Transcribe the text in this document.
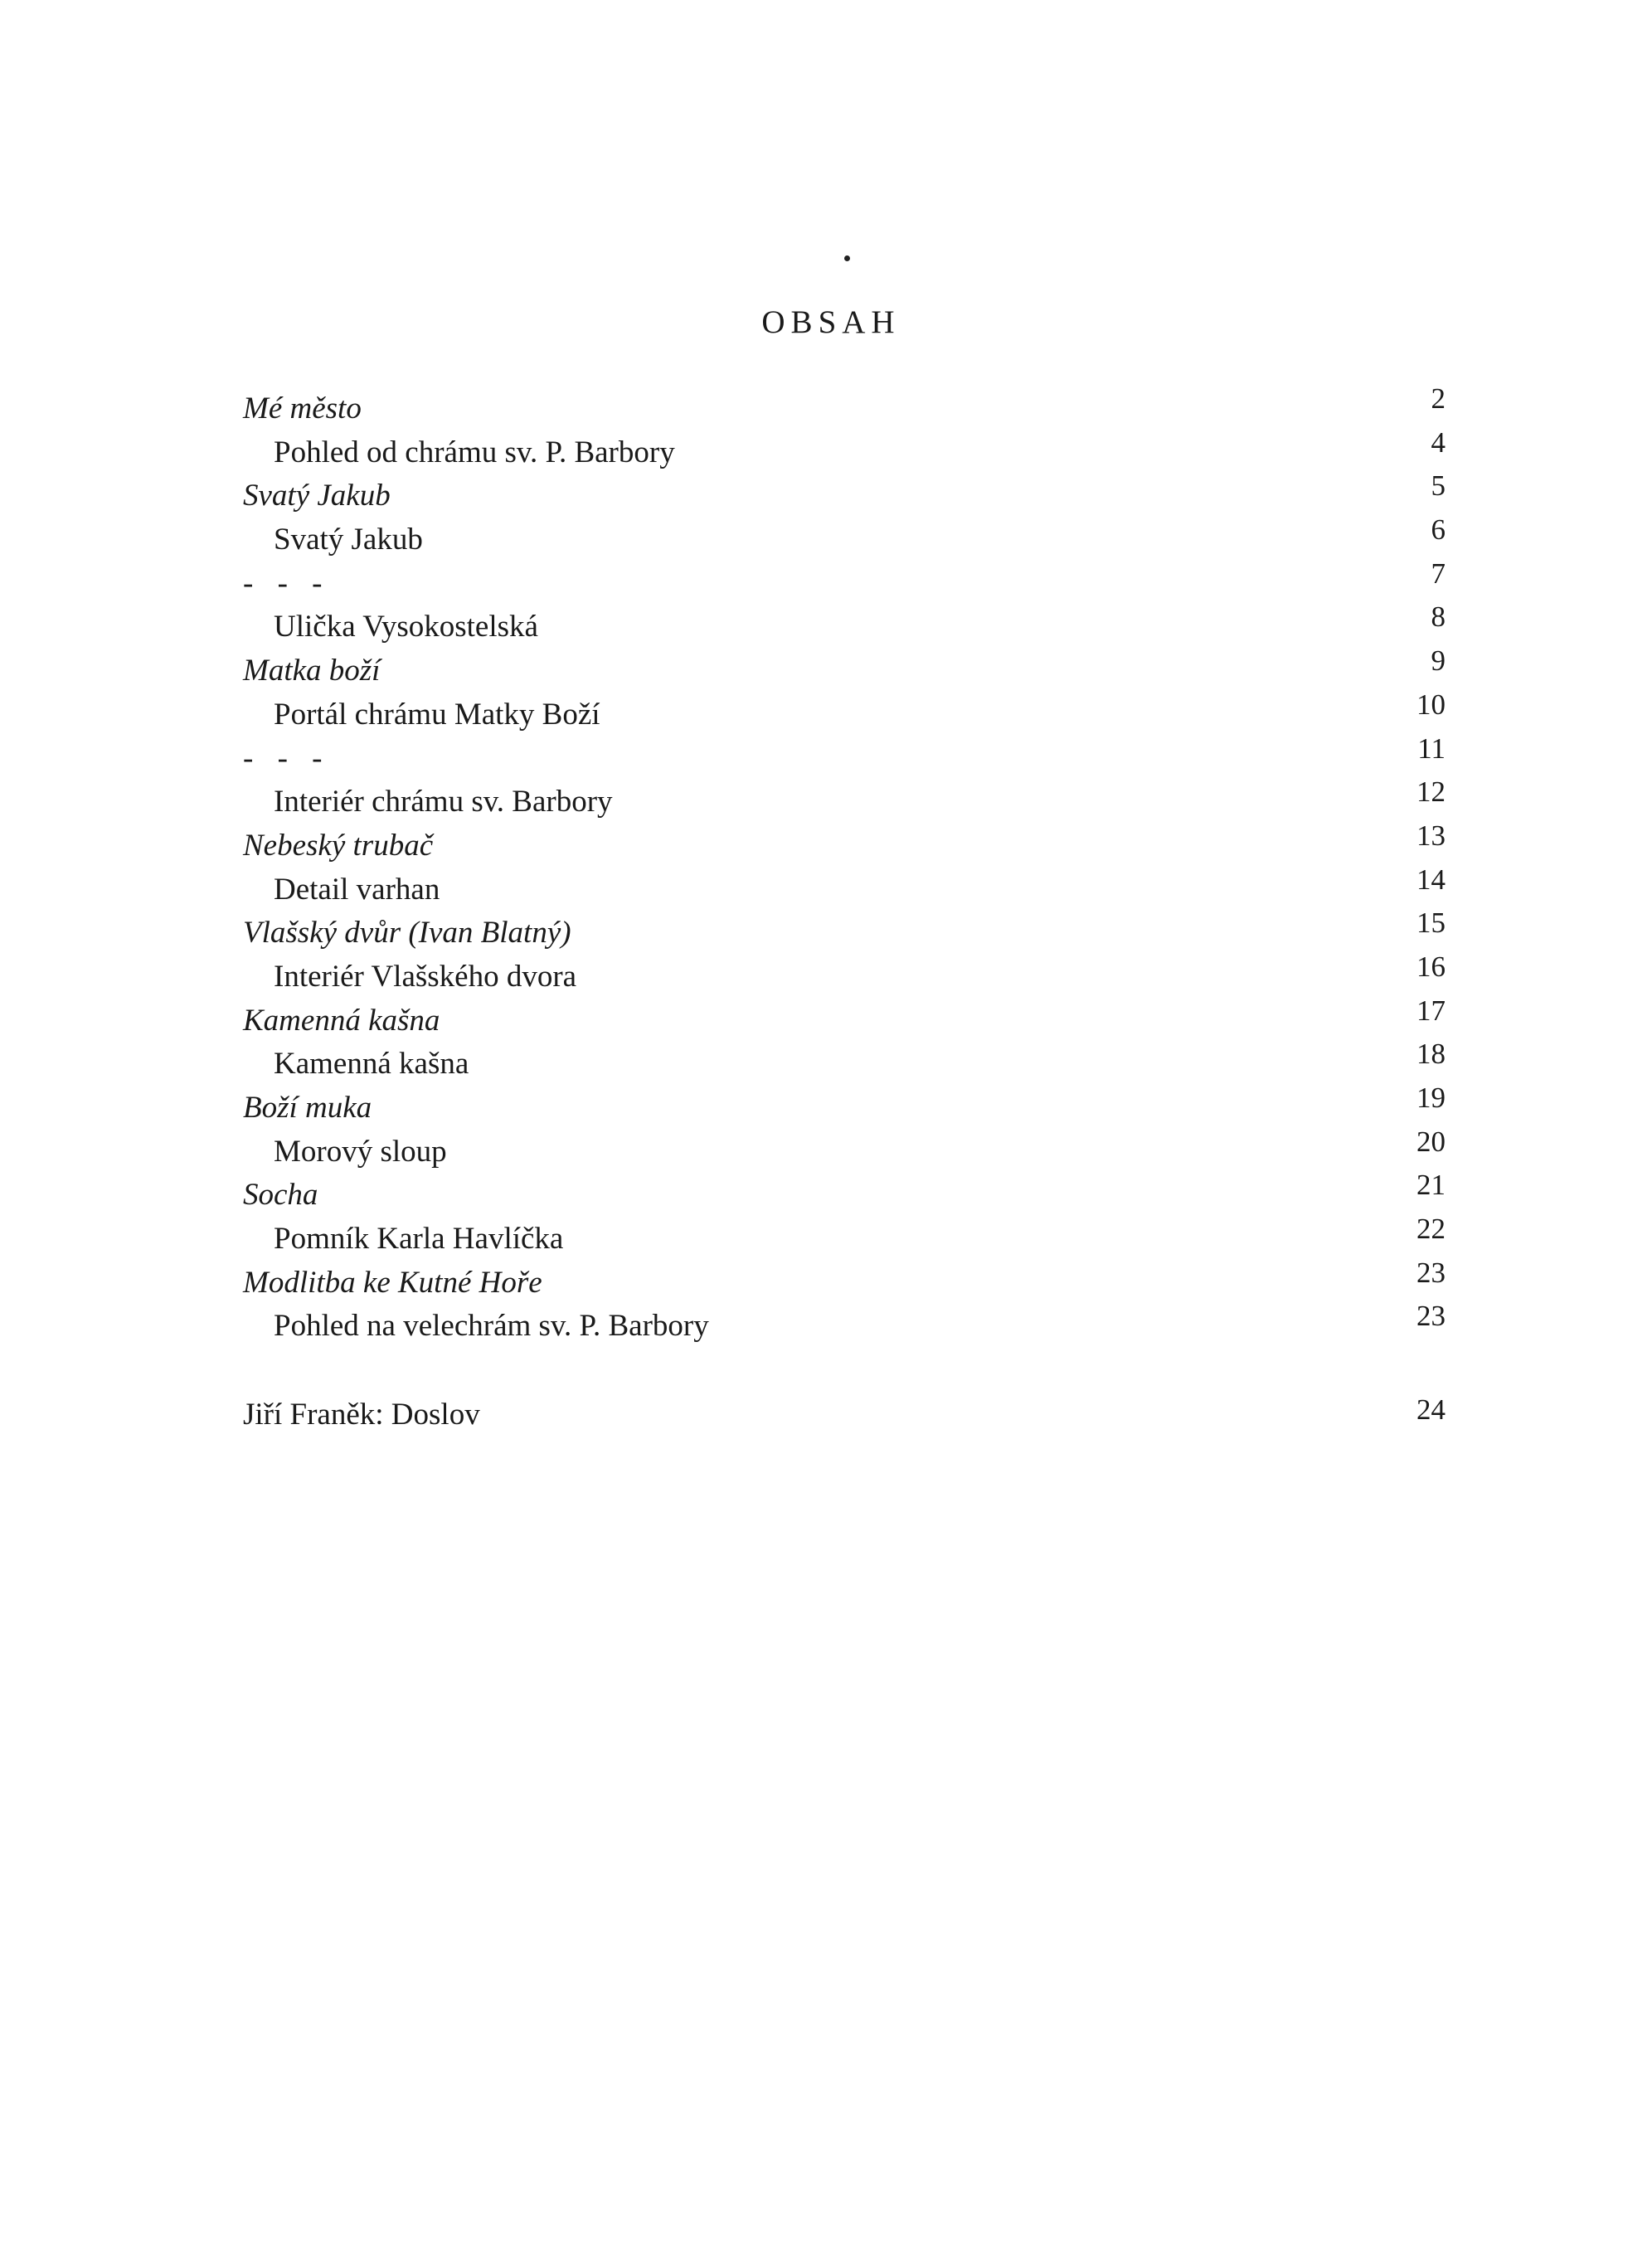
OBSAH
Mé město	2
Pohled od chrámu sv. P. Barbory	4
Svatý Jakub	5
Svatý Jakub	6
- - -	7
Ulička Vysokostelská	8
Matka boží	9
Portál chrámu Matky Boží	10
- - -	11
Interiér chrámu sv. Barbory	12
Nebeský trubač	13
Detail varhan	14
Vlašský dvůr (Ivan Blatný)	15
Interiér Vlašského dvora	16
Kamenná kašna	17
Kamenná kašna	18
Boží muka	19
Morový sloup	20
Socha	21
Pomník Karla Havlíčka	22
Modlitba ke Kutné Hoře	23
Pohled na velechrám sv. P. Barbory	23
Jiří Franěk: Doslov	24
